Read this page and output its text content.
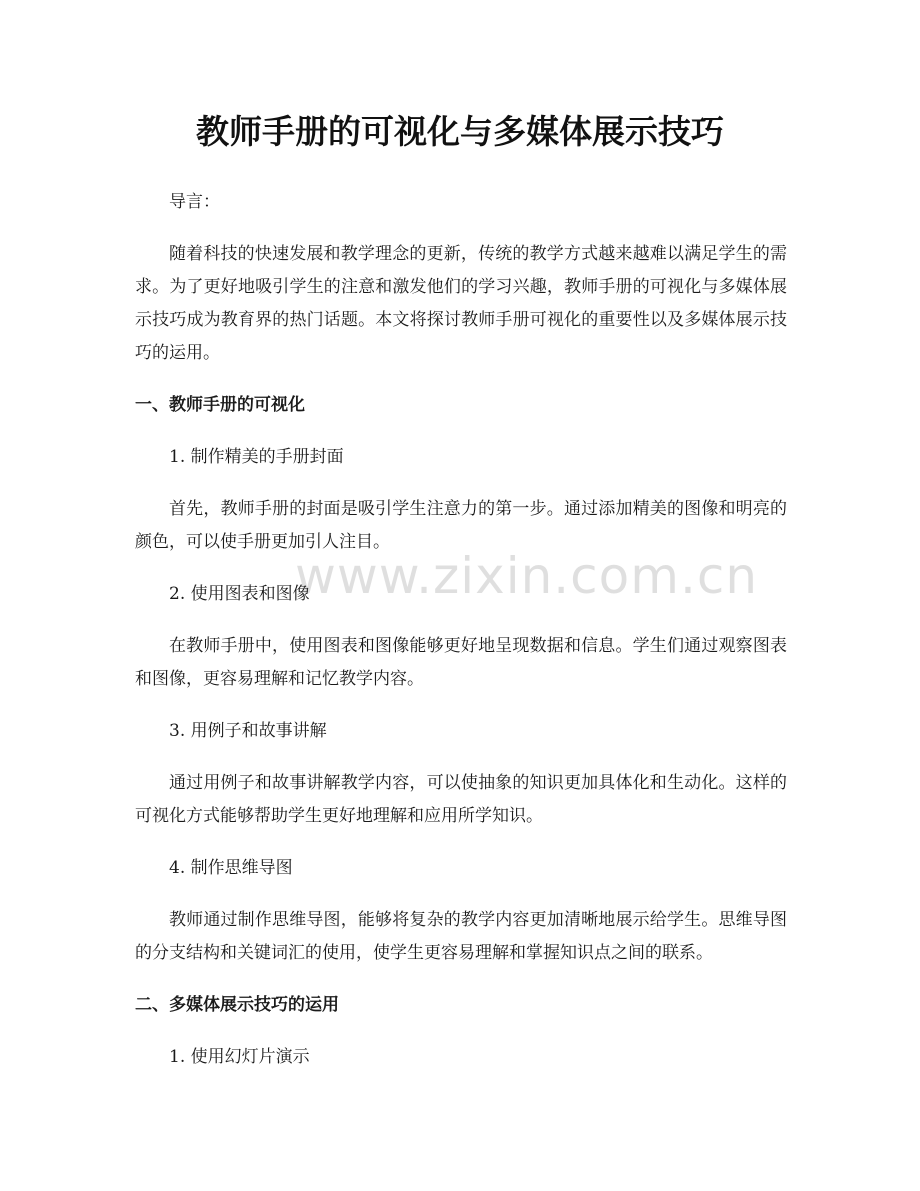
教师手册的可视化与多媒体展示技巧

导言：

随着科技的快速发展和教学理念的更新，传统的教学方式越来越难以满足学生的需求。为了更好地吸引学生的注意和激发他们的学习兴趣，教师手册的可视化与多媒体展示技巧成为教育界的热门话题。本文将探讨教师手册可视化的重要性以及多媒体展示技巧的运用。

一、教师手册的可视化

1. 制作精美的手册封面

首先，教师手册的封面是吸引学生注意力的第一步。通过添加精美的图像和明亮的颜色，可以使手册更加引人注目。

2. 使用图表和图像

在教师手册中，使用图表和图像能够更好地呈现数据和信息。学生们通过观察图表和图像，更容易理解和记忆教学内容。

3. 用例子和故事讲解

通过用例子和故事讲解教学内容，可以使抽象的知识更加具体化和生动化。这样的可视化方式能够帮助学生更好地理解和应用所学知识。

4. 制作思维导图

教师通过制作思维导图，能够将复杂的教学内容更加清晰地展示给学生。思维导图的分支结构和关键词汇的使用，使学生更容易理解和掌握知识点之间的联系。

二、多媒体展示技巧的运用

1. 使用幻灯片演示

www.zixin.com.cn
